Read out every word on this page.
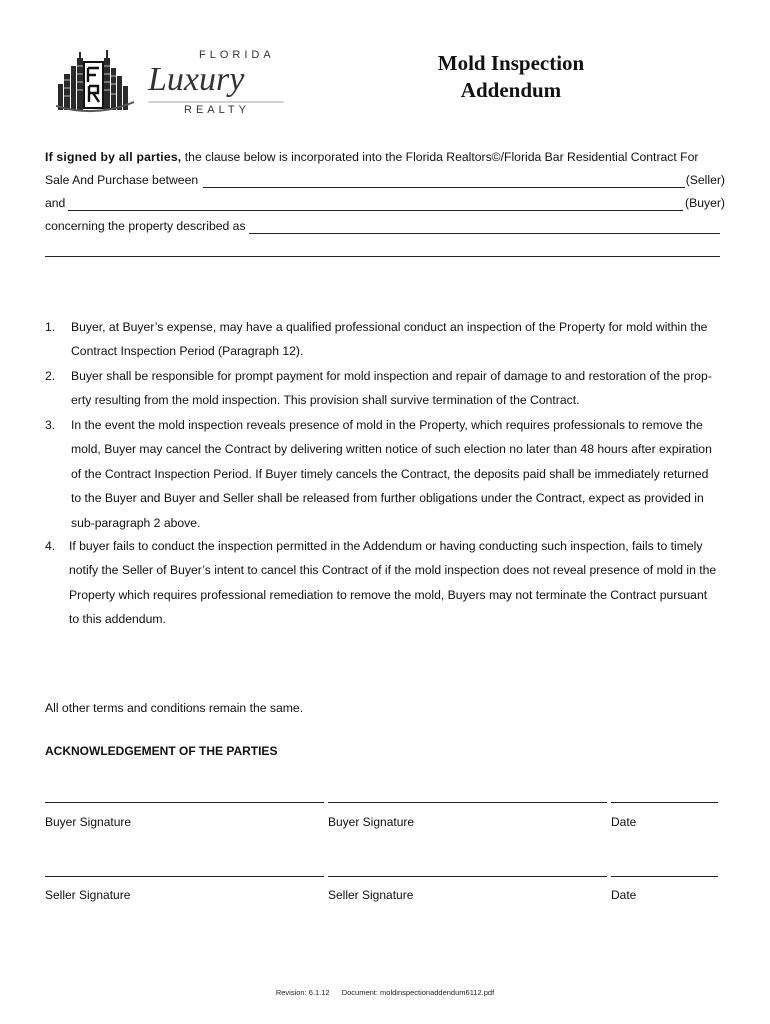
FLORIDA
Luxury
REALTY
Mold Inspection
Addendum
If signed by all parties, the clause below is incorporated into the Florida Realtors©/Florida Bar Residential Contract For
Sale And Purchase between	(Seller)
and	(Buyer)
concerning the property described as
1. Buyer, at Buyer’s expense, may have a qualified professional conduct an inspection of the Property for mold within the
Contract Inspection Period (Paragraph 12).
2. Buyer shall be responsible for prompt payment for mold inspection and repair of damage to and restoration of the prop-
erty resulting from the mold inspection. This provision shall survive termination of the Contract.
3. In the event the mold inspection reveals presence of mold in the Property, which requires professionals to remove the
mold, Buyer may cancel the Contract by delivering written notice of such election no later than 48 hours after expiration
of the Contract Inspection Period. If Buyer timely cancels the Contract, the deposits paid shall be immediately returned
to the Buyer and Buyer and Seller shall be released from further obligations under the Contract, expect as provided in
sub-paragraph 2 above.
4. If buyer fails to conduct the inspection permitted in the Addendum or having conducting such inspection, fails to timely
notify the Seller of Buyer’s intent to cancel this Contract of if the mold inspection does not reveal presence of mold in the
Property which requires professional remediation to remove the mold, Buyers may not terminate the Contract pursuant
to this addendum.
All other terms and conditions remain the same.
ACKNOWLEDGEMENT OF THE PARTIES
Buyer Signature	Buyer Signature	Date
Seller Signature	Seller Signature	Date
Revision: 6.1.12 Document: moldinspectionaddendum6112.pdf
